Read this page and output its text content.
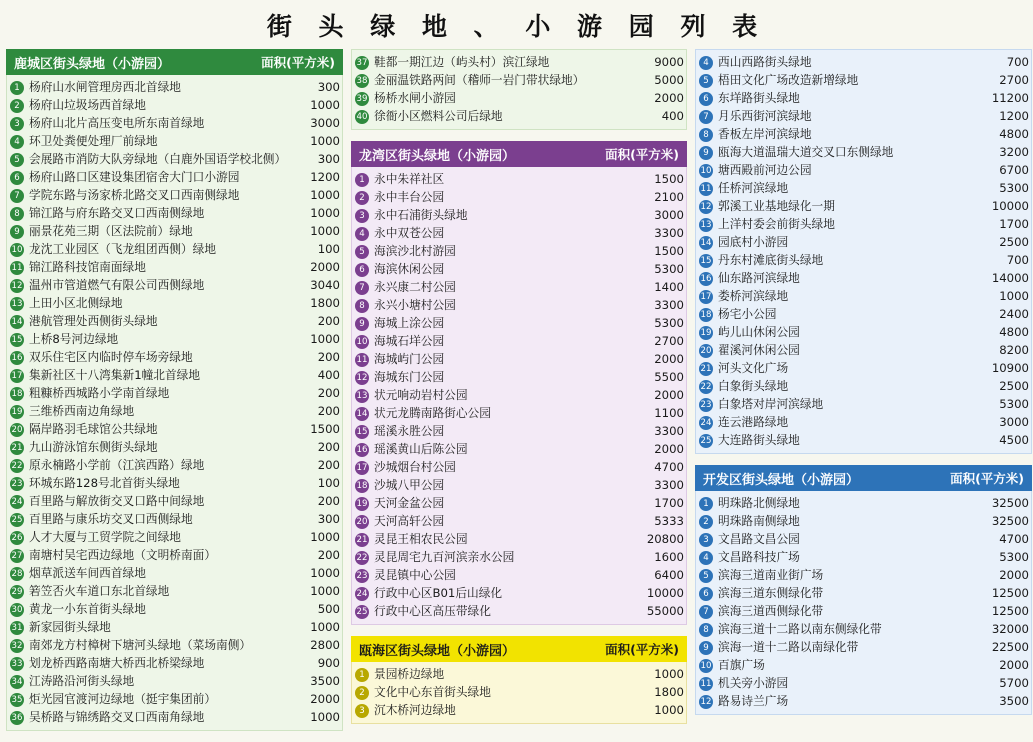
街 头 绿 地 、 小 游 园 列 表
鹿城区街头绿地（小游园）	面积(平方米)
1	杨府山水闸管理房西北首绿地	300
2	杨府山垃圾场西首绿地	1000
3	杨府山北片高压变电所东南首绿地	3000
4	环卫处粪便处理厂前绿地	1000
5	会展路市消防大队旁绿地（白鹿外国语学校北侧）	300
6	杨府山路口区建设集团宿舍大门口小游园	1200
7	学院东路与汤家桥北路交叉口西南侧绿地	1000
8	锦江路与府东路交叉口西南侧绿地	1000
9	丽景花苑三期（区法院前）绿地	1000
10	龙沈工业园区（飞龙组团西侧）绿地	100
11	锦江路科技馆南面绿地	2000
12	温州市管道燃气有限公司西侧绿地	3040
13	上田小区北侧绿地	1800
14	港航管理处西侧街头绿地	200
15	上桥8号河边绿地	1000
16	双乐住宅区内临时停车场旁绿地	200
17	集新社区十八湾集新1幢北首绿地	400
18	粗糠桥西城路小学南首绿地	200
19	三维桥西南边角绿地	200
20	隔岸路羽毛球馆公共绿地	1500
21	九山游泳馆东侧街头绿地	200
22	原永楠路小学前（江滨西路）绿地	200
23	环城东路128号北首街头绿地	100
24	百里路与解放街交叉口路中间绿地	200
25	百里路与康乐坊交叉口西侧绿地	300
26	人才大厦与工贸学院之间绿地	1000
27	南塘村吴宅西边绿地（文明桥南面）	200
28	烟草派送车间西首绿地	1000
29	箬笠否火车道口东北首绿地	1000
30	黄龙一小东首街头绿地	500
31	新家园街头绿地	1000
32	南郊龙方村樟树下塘河头绿地（菜场南侧）	2800
33	划龙桥西路南塘大桥西北桥梁绿地	900
34	江涛路沿河街头绿地	3500
35	炬光园官渡河边绿地（挺宇集团前）	2000
36	吴桥路与锦绣路交叉口西南角绿地	1000
37	鞋都一期江边（屿头村）滨江绿地	9000
38	金丽温铁路两间（稽师一岩门带状绿地）	5000
39	杨桥水闸小游园	2000
40	徐衙小区燃料公司后绿地	400
龙湾区街头绿地（小游园）	面积(平方米)
1	永中朱祥社区	1500
2	永中丰台公园	2100
3	永中石浦街头绿地	3000
4	永中双苍公园	3300
5	海滨沙北村游园	1500
6	海滨休闲公园	5300
7	永兴康二村公园	1400
8	永兴小塘村公园	3300
9	海城上涂公园	5300
10	海城石垟公园	2700
11	海城屿门公园	2000
12	海城东门公园	5500
13	状元响动岩村公园	2000
14	状元龙腾南路街心公园	1100
15	瑶溪永胜公园	3300
16	瑶溪黄山后陈公园	2000
17	沙城烟台村公园	4700
18	沙城八甲公园	3300
19	天河金盆公园	1700
20	天河高轩公园	5333
21	灵昆王相农民公园	20800
22	灵昆周宅九百河滨亲水公园	1600
23	灵昆镇中心公园	6400
24	行政中心区B01后山绿化	10000
25	行政中心区高压带绿化	55000
瓯海区街头绿地（小游园）	面积(平方米)
1	景园桥边绿地	1000
2	文化中心东首街头绿地	1800
3	沉木桥河边绿地	1000
4	西山西路街头绿地	700
5	梧田文化广场改造新增绿地	2700
6	东垟路街头绿地	11200
7	月乐西街河滨绿地	1200
8	香板左岸河滨绿地	4800
9	瓯海大道温瑞大道交叉口东侧绿地	3200
10	塘西殿前河边公园	6700
11	任桥河滨绿地	5300
12	郭溪工业基地绿化一期	10000
13	上洋村委会前街头绿地	1700
14	园底村小游园	2500
15	丹东村滩底街头绿地	700
16	仙东路河滨绿地	14000
17	娄桥河滨绿地	1000
18	杨宅小公园	2400
19	屿儿山休闲公园	4800
20	翟溪河休闲公园	8200
21	河头文化广场	10900
22	白象街头绿地	2500
23	白象塔对岸河滨绿地	5300
24	连云港路绿地	3000
25	大连路街头绿地	4500
开发区街头绿地（小游园）	面积(平方米)
1	明珠路北侧绿地	32500
2	明珠路南侧绿地	32500
3	文昌路文昌公园	4700
4	文昌路科技广场	5300
5	滨海三道南业街广场	2000
6	滨海三道东侧绿化带	12500
7	滨海三道西侧绿化带	12500
8	滨海三道十二路以南东侧绿化带	32000
9	滨海一道十二路以南绿化带	22500
10	百旗广场	2000
11	机关旁小游园	5700
12	路易诗兰广场	3500
